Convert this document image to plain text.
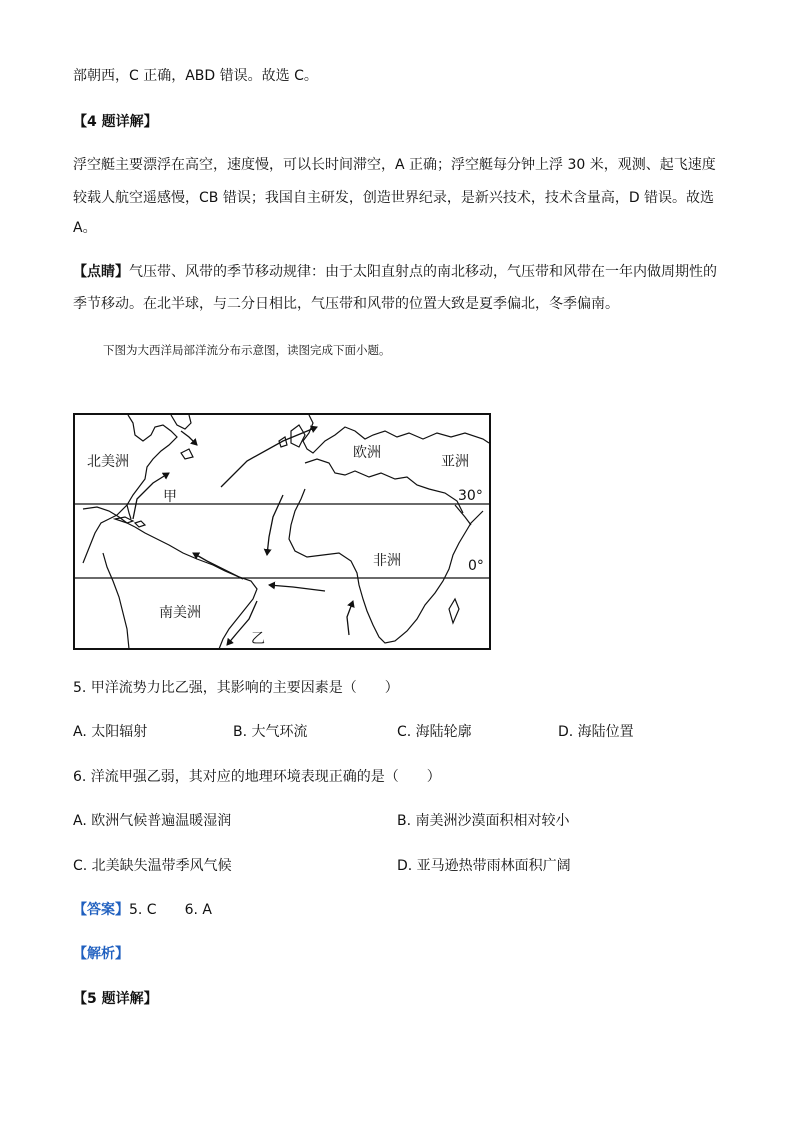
部朝西，C 正确，ABD 错误。故选 C。
【4 题详解】
浮空艇主要漂浮在高空，速度慢，可以长时间滞空，A 正确；浮空艇每分钟上浮 30 米，观测、起飞速度
较载人航空遥感慢，CB 错误；我国自主研发，创造世界纪录，是新兴技术，技术含量高，D 错误。故选
A。
【点睛】气压带、风带的季节移动规律：由于太阳直射点的南北移动，气压带和风带在一年内做周期性的
季节移动。在北半球，与二分日相比，气压带和风带的位置大致是夏季偏北，冬季偏南。
下图为大西洋局部洋流分布示意图，读图完成下面小题。
北美洲
欧洲
亚洲
非洲
南美洲
甲
乙
30°
0°
5. 甲洋流势力比乙强，其影响的主要因素是（　　）
A. 太阳辐射	B. 大气环流	C. 海陆轮廓	D. 海陆位置
6. 洋流甲强乙弱，其对应的地理环境表现正确的是（　　）
A. 欧洲气候普遍温暖湿润	B. 南美洲沙漠面积相对较小
C. 北美缺失温带季风气候	D. 亚马逊热带雨林面积广阔
【答案】5. C　　6. A
【解析】
【5 题详解】
